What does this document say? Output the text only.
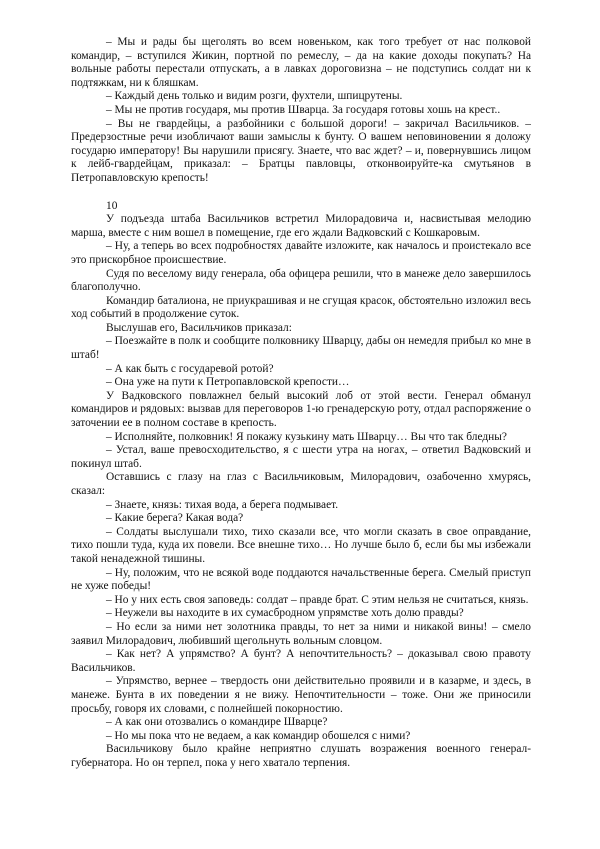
– Мы и рады бы щеголять во всем новеньком, как того требует от нас полковой командир, – вступился Жикин, портной по ремеслу, – да на какие доходы покупать? На вольные работы перестали отпускать, а в лавках дороговизна – не подступись солдат ни к подтяжкам, ни к бляшкам.

– Каждый день только и видим розги, фухтели, шпицрутены.

– Мы не против государя, мы против Шварца. За государя готовы хошь на крест..

– Вы не гвардейцы, а разбойники с большой дороги! – закричал Васильчиков. – Предерзостные речи изобличают ваши замыслы к бунту. О вашем неповиновении я доложу государю императору! Вы нарушили присягу. Знаете, что вас ждет? – и, повернувшись лицом к лейб-гвардейцам, приказал: – Братцы павловцы, отконвоируйте-ка смутьянов в Петропавловскую крепость!

10

У подъезда штаба Васильчиков встретил Милорадовича и, насвистывая мелодию марша, вместе с ним вошел в помещение, где его ждали Вадковский с Кошкаровым.

– Ну, а теперь во всех подробностях давайте изложите, как началось и проистекало все это прискорбное происшествие.

Судя по веселому виду генерала, оба офицера решили, что в манеже дело завершилось благополучно.

Командир баталиона, не приукрашивая и не сгущая красок, обстоятельно изложил весь ход событий в продолжение суток.

Выслушав его, Васильчиков приказал:

– Поезжайте в полк и сообщите полковнику Шварцу, дабы он немедля прибыл ко мне в штаб!

– А как быть с государевой ротой?

– Она уже на пути к Петропавловской крепости…

У Вадковского повлажнел белый высокий лоб от этой вести. Генерал обманул командиров и рядовых: вызвав для переговоров 1-ю гренадерскую роту, отдал распоряжение о заточении ее в полном составе в крепость.

– Исполняйте, полковник! Я покажу кузькину мать Шварцу… Вы что так бледны?

– Устал, ваше превосходительство, я с шести утра на ногах, – ответил Вадковский и покинул штаб.

Оставшись с глазу на глаз с Васильчиковым, Милорадович, озабоченно хмурясь, сказал:

– Знаете, князь: тихая вода, а берега подмывает.

– Какие берега? Какая вода?

– Солдаты выслушали тихо, тихо сказали все, что могли сказать в свое оправдание, тихо пошли туда, куда их повели. Все внешне тихо… Но лучше было б, если бы мы избежали такой ненадежной тишины.

– Ну, положим, что не всякой воде поддаются начальственные берега. Смелый приступ не хуже победы!

– Но у них есть своя заповедь: солдат – правде брат. С этим нельзя не считаться, князь.

– Неужели вы находите в их сумасбродном упрямстве хоть долю правды?

– Но если за ними нет золотника правды, то нет за ними и никакой вины! – смело заявил Милорадович, любивший щегольнуть вольным словцом.

– Как нет? А упрямство? А бунт? А непочтительность? – доказывал свою правоту Васильчиков.

– Упрямство, вернее – твердость они действительно проявили и в казарме, и здесь, в манеже. Бунта в их поведении я не вижу. Непочтительности – тоже. Они же приносили просьбу, говоря их словами, с полнейшей покорностию.

– А как они отозвались о командире Шварце?

– Но мы пока что не ведаем, а как командир обошелся с ними?

Васильчикову было крайне неприятно слушать возражения военного генерал-губернатора. Но он терпел, пока у него хватало терпения.
